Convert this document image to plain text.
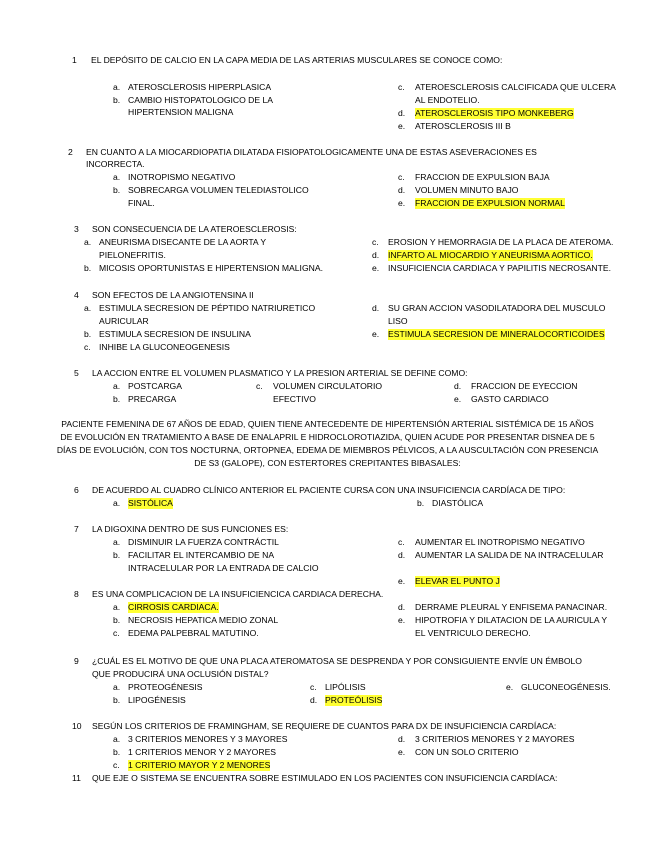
1 EL DEPÓSITO DE CALCIO EN LA CAPA MEDIA DE LAS ARTERIAS MUSCULARES SE CONOCE COMO:
a. ATEROSCLEROSIS HIPERPLASICA
b. CAMBIO HISTOPATOLOGICO DE LA
HIPERTENSION MALIGNA
c. ATEROESCLEROSIS CALCIFICADA QUE ULCERA
AL ENDOTELIO.
d. ATEROSCLEROSIS TIPO MONKEBERG
e. ATEROSCLEROSIS III B
2 EN CUANTO A LA MIOCARDIOPATIA DILATADA FISIOPATOLOGICAMENTE UNA DE ESTAS ASEVERACIONES ES
INCORRECTA.
a. INOTROPISMO NEGATIVO
b. SOBRECARGA VOLUMEN TELEDIASTOLICO
FINAL.
c. FRACCION DE EXPULSION BAJA
d. VOLUMEN MINUTO BAJO
e. FRACCION DE EXPULSION NORMAL
3 SON CONSECUENCIA DE LA ATEROESCLEROSIS:
a. ANEURISMA DISECANTE DE LA AORTA Y
PIELONEFRITIS.
b. MICOSIS OPORTUNISTAS E HIPERTENSION MALIGNA.
c. EROSION Y HEMORRAGIA DE LA PLACA DE ATEROMA.
d. INFARTO AL MIOCARDIO Y ANEURISMA AORTICO.
e. INSUFICIENCIA CARDIACA Y PAPILITIS NECROSANTE.
4 SON EFECTOS DE LA ANGIOTENSINA II
a. ESTIMULA SECRESION DE PÉPTIDO NATRIURETICO
AURICULAR
b. ESTIMULA SECRESION DE INSULINA
c. INHIBE LA GLUCONEOGENESIS
d. SU GRAN ACCION VASODILATADORA DEL MUSCULO
LISO
e. ESTIMULA SECRESION DE MINERALOCORTICOIDES
5 LA ACCION ENTRE EL VOLUMEN PLASMATICO Y LA PRESION ARTERIAL SE DEFINE COMO:
a. POSTCARGA
b. PRECARGA
c. VOLUMEN CIRCULATORIO
EFECTIVO
d. FRACCION DE EYECCION
e. GASTO CARDIACO
PACIENTE FEMENINA DE 67 AÑOS DE EDAD, QUIEN TIENE ANTECEDENTE DE HIPERTENSIÓN ARTERIAL SISTÉMICA DE 15 AÑOS
DE EVOLUCIÓN EN TRATAMIENTO A BASE DE ENALAPRIL E HIDROCLOROTIAZIDA, QUIEN ACUDE POR PRESENTAR DISNEA DE 5
DÍAS DE EVOLUCIÓN, CON TOS NOCTURNA, ORTOPNEA, EDEMA DE MIEMBROS PÉLVICOS, A LA AUSCULTACIÓN CON PRESENCIA
DE S3 (GALOPE), CON ESTERTORES CREPITANTES BIBASALES:
6 DE ACUERDO AL CUADRO CLÍNICO ANTERIOR EL PACIENTE CURSA CON UNA INSUFICIENCIA CARDÍACA DE TIPO:
a. SISTÓLICA	b. DIASTÓLICA
7 LA DIGOXINA DENTRO DE SUS FUNCIONES ES:
a. DISMINUIR LA FUERZA CONTRÁCTIL
b. FACILITAR EL INTERCAMBIO DE NA
INTRACELULAR POR LA ENTRADA DE CALCIO
c. AUMENTAR EL INOTROPISMO NEGATIVO
d. AUMENTAR LA SALIDA DE NA INTRACELULAR
e. ELEVAR EL PUNTO J
8 ES UNA COMPLICACION DE LA INSUFICIENCICA CARDIACA DERECHA.
a. CIRROSIS CARDIACA.
b. NECROSIS HEPATICA MEDIO ZONAL
c. EDEMA PALPEBRAL MATUTINO.
d. DERRAME PLEURAL Y ENFISEMA PANACINAR.
e. HIPOTROFIA Y DILATACION DE LA AURICULA Y
EL VENTRICULO DERECHO.
9 ¿CUÁL ES EL MOTIVO DE QUE UNA PLACA ATEROMATOSA SE DESPRENDA Y POR CONSIGUIENTE ENVÍE UN ÉMBOLO
QUE PRODUCIRÁ UNA OCLUSIÓN DISTAL?
a. PROTEOGÉNESIS
b. LIPOGÉNESIS
c. LIPÓLISIS
d. PROTEÓLISIS
e. GLUCONEOGÉNESIS.
10 SEGÚN LOS CRITERIOS DE FRAMINGHAM, SE REQUIERE DE CUANTOS PARA DX DE INSUFICIENCIA CARDÍACA:
a. 3 CRITERIOS MENORES Y 3 MAYORES
b. 1 CRITERIOS MENOR Y 2 MAYORES
c. 1 CRITERIO MAYOR Y 2 MENORES
d. 3 CRITERIOS MENORES Y 2 MAYORES
e. CON UN SOLO CRITERIO
11 QUE EJE O SISTEMA SE ENCUENTRA SOBRE ESTIMULADO EN LOS PACIENTES CON INSUFICIENCIA CARDÍACA:
